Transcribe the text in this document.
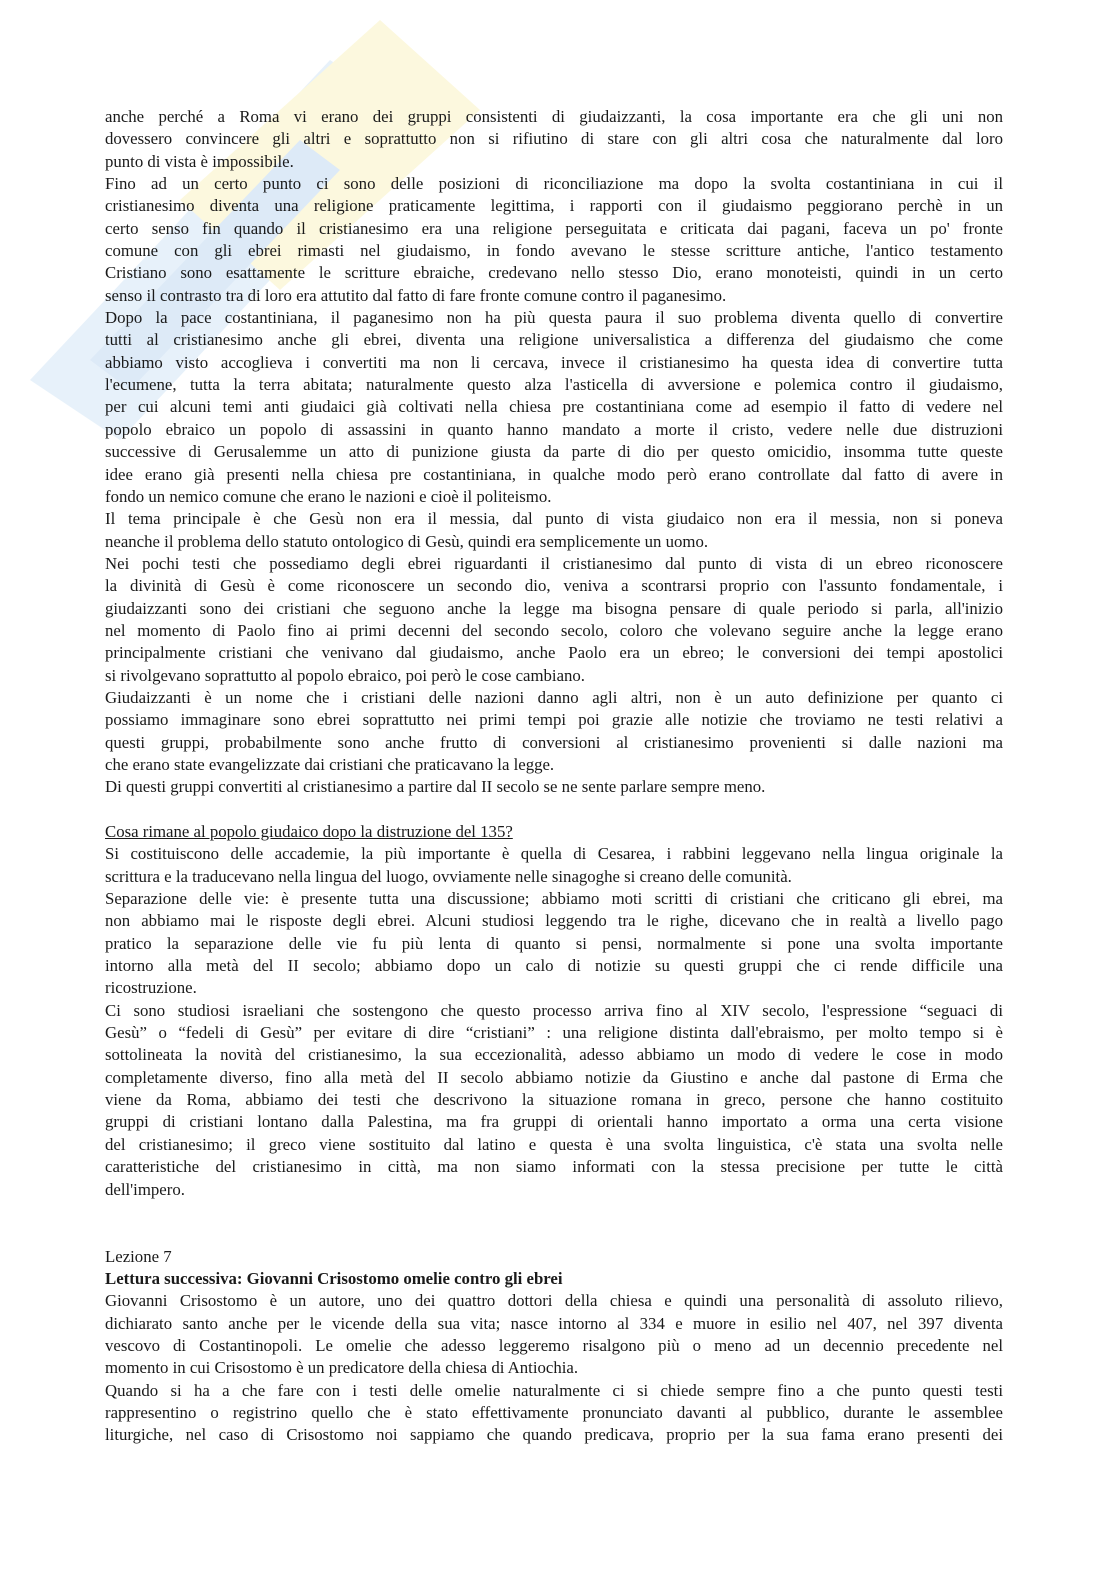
anche perché a Roma vi erano dei gruppi consistenti di giudaizzanti, la cosa importante era che gli uni non
dovessero convincere gli altri e soprattutto non si rifiutino di stare con gli altri cosa che naturalmente dal loro
punto di vista è impossibile.
Fino ad un certo punto ci sono delle posizioni di riconciliazione ma dopo la svolta costantiniana in cui il
cristianesimo diventa una religione praticamente legittima, i rapporti con il giudaismo peggiorano perchè in un
certo senso fin quando il cristianesimo era una religione perseguitata e criticata dai pagani, faceva un po' fronte
comune con gli ebrei rimasti nel giudaismo, in fondo avevano le stesse scritture antiche, l'antico testamento
Cristiano sono esattamente le scritture ebraiche, credevano nello stesso Dio, erano monoteisti, quindi in un certo
senso il contrasto tra di loro era attutito dal fatto di fare fronte comune contro il paganesimo.
Dopo la pace costantiniana, il paganesimo non ha più questa paura il suo problema diventa quello di convertire
tutti al cristianesimo anche gli ebrei, diventa una religione universalistica a differenza del giudaismo che come
abbiamo visto accoglieva i convertiti ma non li cercava, invece il cristianesimo ha questa idea di convertire tutta
l'ecumene, tutta la terra abitata; naturalmente questo alza l'asticella di avversione e polemica contro il giudaismo,
per cui alcuni temi anti giudaici già coltivati nella chiesa pre costantiniana come ad esempio il fatto di vedere nel
popolo ebraico un popolo di assassini in quanto hanno mandato a morte il cristo, vedere nelle due distruzioni
successive di Gerusalemme un atto di punizione giusta da parte di dio per questo omicidio, insomma tutte queste
idee erano già presenti nella chiesa pre costantiniana, in qualche modo però erano controllate dal fatto di avere in
fondo un nemico comune che erano le nazioni e cioè il politeismo.
Il tema principale è che Gesù non era il messia, dal punto di vista giudaico non era il messia, non si poneva
neanche il problema dello statuto ontologico di Gesù, quindi era semplicemente un uomo.
Nei pochi testi che possediamo degli ebrei riguardanti il cristianesimo dal punto di vista di un ebreo riconoscere
la divinità di Gesù è come riconoscere un secondo dio, veniva a scontrarsi proprio con l'assunto fondamentale, i
giudaizzanti sono dei cristiani che seguono anche la legge ma bisogna pensare di quale periodo si parla, all'inizio
nel momento di Paolo fino ai primi decenni del secondo secolo, coloro che volevano seguire anche la legge erano
principalmente cristiani che venivano dal giudaismo, anche Paolo era un ebreo; le conversioni dei tempi apostolici
si rivolgevano soprattutto al popolo ebraico, poi però le cose cambiano.
Giudaizzanti è un nome che i cristiani delle nazioni danno agli altri, non è un auto definizione per quanto ci
possiamo immaginare sono ebrei soprattutto nei primi tempi poi grazie alle notizie che troviamo ne testi relativi a
questi gruppi, probabilmente sono anche frutto di conversioni al cristianesimo provenienti si dalle nazioni ma
che erano state evangelizzate dai cristiani che praticavano la legge.
Di questi gruppi convertiti al cristianesimo a partire dal II secolo se ne sente parlare sempre meno.
Cosa rimane al popolo giudaico dopo la distruzione del 135?
Si costituiscono delle accademie, la più importante è quella di Cesarea, i rabbini leggevano nella lingua originale la
scrittura e la traducevano nella lingua del luogo, ovviamente nelle sinagoghe si creano delle comunità.
Separazione delle vie: è presente tutta una discussione; abbiamo moti scritti di cristiani che criticano gli ebrei, ma
non abbiamo mai le risposte degli ebrei. Alcuni studiosi leggendo tra le righe, dicevano che in realtà a livello pago
pratico la separazione delle vie fu più lenta di quanto si pensi, normalmente si pone una svolta importante
intorno alla metà del II secolo; abbiamo dopo un calo di notizie su questi gruppi che ci rende difficile una
ricostruzione.
Ci sono studiosi israeliani che sostengono che questo processo arriva fino al XIV secolo, l'espressione “seguaci di
Gesù” o “fedeli di Gesù” per evitare di dire “cristiani” : una religione distinta dall'ebraismo, per molto tempo si è
sottolineata la novità del cristianesimo, la sua eccezionalità, adesso abbiamo un modo di vedere le cose in modo
completamente diverso, fino alla metà del II secolo abbiamo notizie da Giustino e anche dal pastone di Erma che
viene da Roma, abbiamo dei testi che descrivono la situazione romana in greco, persone che hanno costituito
gruppi di cristiani lontano dalla Palestina, ma fra gruppi di orientali hanno importato a orma una certa visione
del cristianesimo; il greco viene sostituito dal latino e questa è una svolta linguistica, c'è stata una svolta nelle
caratteristiche del cristianesimo in città, ma non siamo informati con la stessa precisione per tutte le città
dell'impero.
Lezione 7
Lettura successiva: Giovanni Crisostomo omelie contro gli ebrei
Giovanni Crisostomo è un autore, uno dei quattro dottori della chiesa e quindi una personalità di assoluto rilievo,
dichiarato santo anche per le vicende della sua vita; nasce intorno al 334 e muore in esilio nel 407, nel 397 diventa
vescovo di Costantinopoli. Le omelie che adesso leggeremo risalgono più o meno ad un decennio precedente nel
momento in cui Crisostomo è un predicatore della chiesa di Antiochia.
Quando si ha a che fare con i testi delle omelie naturalmente ci si chiede sempre fino a che punto questi testi
rappresentino o registrino quello che è stato effettivamente pronunciato davanti al pubblico, durante le assemblee
liturgiche, nel caso di Crisostomo noi sappiamo che quando predicava, proprio per la sua fama erano presenti dei
